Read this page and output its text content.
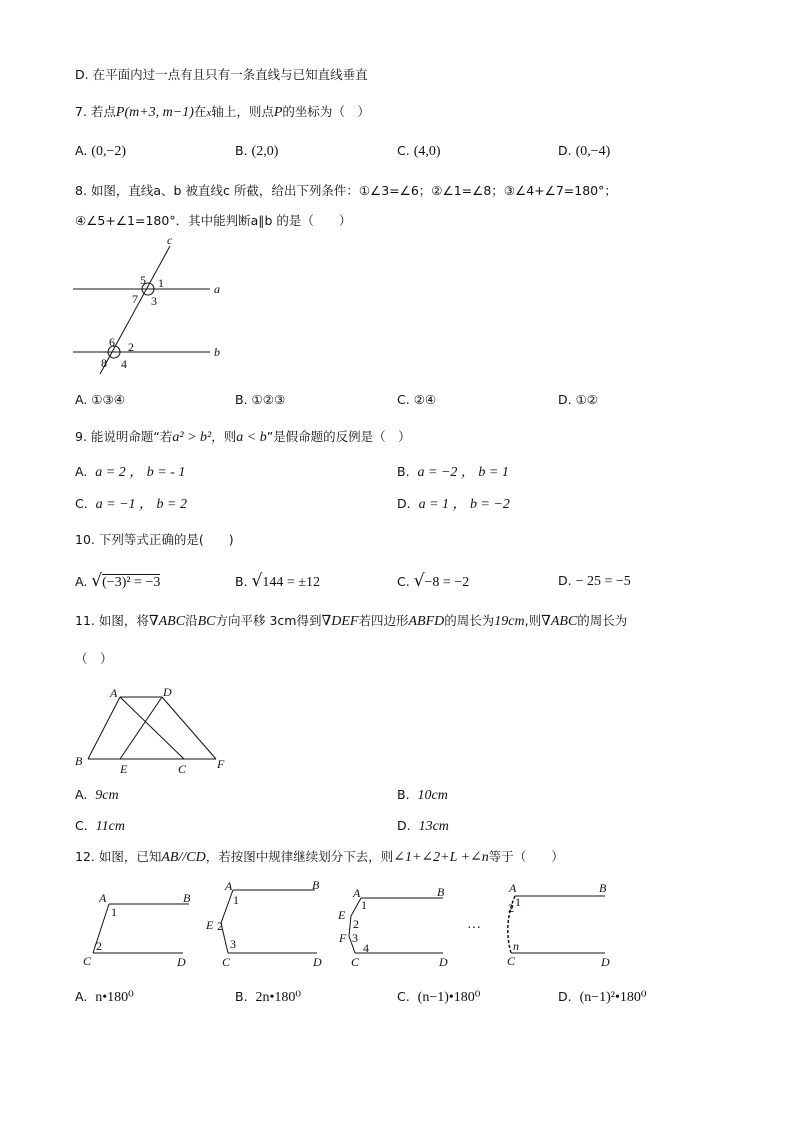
D. 在平面内过一点有且只有一条直线与已知直线垂直
7. 若点P(m+3, m−1)在x轴上，则点P的坐标为（　）
A. (0,−2)	B. (2,0)	C. (4,0)	D. (0,−4)
8. 如图，直线a、b 被直线c 所截，给出下列条件：①∠3=∠6；②∠1=∠8；③∠4+∠7=180°；
④∠5+∠1=180°．其中能判断a∥b 的是（　　）
c
a
b
5 1
7 3
6 2
8 4
A. ①③④	B. ①②③	C. ②④	D. ①②
9. 能说明命题“若a² > b²，则a < b”是假命题的反例是（　）
A. a = 2 ， b = - 1	B. a = −2 ， b = 1
C. a = −1 ， b = 2	D. a = 1 ， b = −2
10. 下列等式正确的是(　　)
A. √(−3)² = −3	B. √144 = ±12	C. √−8 = −2	D. − 25 = −5
11. 如图，将∇ABC沿BC方向平移 3cm得到∇DEF若四边形ABFD的周长为19cm,则∇ABC的周长为
（　）
A	D
B
E	C	F
A. 9cm	B. 10cm
C. 11cm	D. 13cm
12. 如图，已知AB//CD，若按图中规律继续划分下去，则∠1+∠2+L +∠n等于（　　）
A	B
C	D
1
2
A	B
E
C	D
1
2
3
A	B
E
F
C	D
1
2
3
4
···
A	B
C	D
1
2
n
A. n•180⁰	B. 2n•180⁰	C. (n−1)•180⁰	D. (n−1)²•180⁰
